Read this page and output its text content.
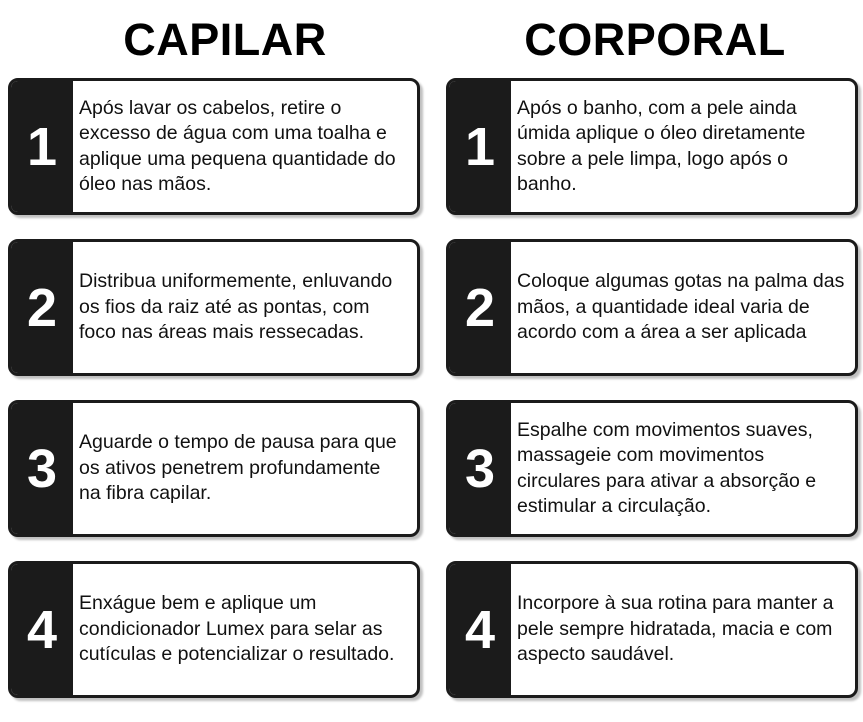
CAPILAR	CORPORAL
1
Após lavar os cabelos, retire o excesso de água com uma toalha e aplique uma pequena quantidade do óleo nas mãos.
2	Distribua uniformemente, enluvando os fios da raiz até as pontas, com foco nas áreas mais ressecadas.
3	Aguarde o tempo de pausa para que os ativos penetrem profundamente na fibra capilar.
4	Enxágue bem e aplique um condicionador Lumex para selar as cutículas e potencializar o resultado.
1
Após o banho, com a pele ainda úmida aplique o óleo diretamente sobre a pele limpa, logo após o banho.
2	Coloque algumas gotas na palma das mãos, a quantidade ideal varia de acordo com a área a ser aplicada
3
Espalhe com movimentos suaves, massageie com movimentos circulares para ativar a absorção e estimular a circulação.
4	Incorpore à sua rotina para manter a pele sempre hidratada, macia e com aspecto saudável.
